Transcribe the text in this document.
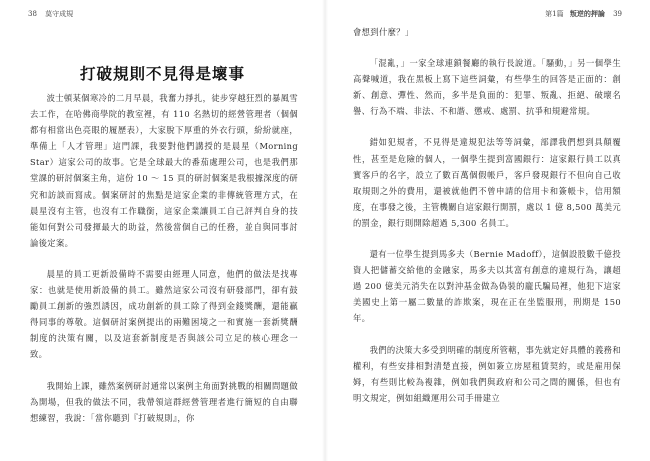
38 莫守成規
打破規則不見得是壞事

波士頓某個寒冷的二月早晨，我奮力掙扎，徒步穿越狂烈的暴風雪去工作，在哈佛商學院的教室裡，有 110 名熱切的經營管理者（個個都有相當出色亮眼的履歷表），大家脫下厚重的外衣行頭，紛紛就座，準備上「人才管理」這門課，我要對他們講授的是晨星（Morning Star）這家公司的故事。它是全球最大的番茄處理公司，也是我們那堂課的研討個案主角，這份 10 ～ 15 頁的研討個案是我根據深度的研究和訪談而寫成。個案研討的焦點是這家企業的非傳統管理方式，在晨星沒有主管，也沒有工作職銜，這家企業讓員工自己評判自身的技能如何對公司發揮最大的助益，然後當個自己的任務，並自與同事討論後定案。

晨星的員工更新設備時不需要由經理人同意，他們的做法是找專家：也就是使用新設備的員工。雖然這家公司沒有研發部門，卻有鼓勵員工創新的強烈誘因，成功創新的員工除了得到金錢獎酬，還能贏得同事的尊敬。這個研討案例提出的兩難困境之一和實施一套新獎酬制度的決策有關，以及這套新制度是否與該公司立足的核心理念一致。

我開始上課，雖然案例研討通常以案例主角面對挑戰的相關問題做為開場，但我的做法不同，我帶領這群經營管理者進行簡短的自由聯想練習，我說：「當你聽到『打破規則』，你

第1篇 叛逆的押論 39

會想到什麼？」

「混亂，」一家全球連鎖餐廳的執行長說道。「騷動，」另一個學生高聲喊道，我在黑板上寫下這些詞彙，有些學生的回答是正面的：創新、創意、彈性、然而，多半是負面的：犯罪、叛亂、拒絕、破壞名譽、行為不端、非法、不和諧、懲戒、處罰、抗爭和規避常規。

錯如犯規者，不見得是違規犯法等等詞彙，部譯我們想到具顛覆性，甚至是危險的個人，一個學生提到富國銀行：這家銀行員工以真實客戶的名字，設立了數百萬個假帳戶，客戶發現銀行不但向自己收取規則之外的費用，還被就他們不曾申請的信用卡和簽帳卡，信用額度，在事發之後，主管機關自這家銀行開罰，處以 1 億 8,500 萬美元的罰金，銀行則開除超過 5,300 名員工。

還有一位學生提到馬多夫（Bernie Madoff），這個設股數千億投資人把儲蓄交給他的金融家，馬多夫以其富有創意的違規行為，讓超過 200 億美元消失在以對沖基金做為偽裝的龐氏騙局裡，他犯下這家美國史上第一屬二數量的詐欺案，現在正在坐監服刑，刑期是 150 年。

我們的決策大多受到明確的制度所管轄，事先就定好具體的義務和權利，有些安排相對清楚直接，例如簽立房屋租賃契約，或是雇用保姆，有些則比較為複雜，例如我們與政府和公司之間的關係，但也有明文規定，例如組織運用公司手冊建立
